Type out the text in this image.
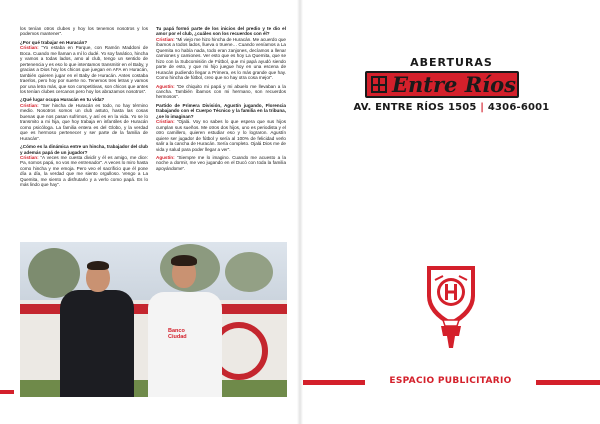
los tenían otros clubes y hoy los tenemos nosotros y los podemos mantener”.

¿Por qué trabajar en Huracán?
Cristian: “Yo estaba en Parque, con Ramón Maddoni de Boca. Cuando me llaman a mí lo dudé. Yo soy fanático, hincha y vamos a todas lados, amo al club, tengo un sentido de pertenencia y es eso lo que intentamos transmitir en el Baby, y gracias a Dios hoy los chicos que juegan en AFA en Huracán, también quieren jugar en el Baby de Huracán. Antes costaba traerlos, pero hoy por suerte no. Tenemos tres letras y vamos por una letra más, que son competitivas, son chicos que antes los tenían clubes cercanos pero hoy los abrazamos nosotros”.

¿Qué lugar ocupa Huracán en tu vida?
Cristian: “Ser hincha de Huracán es todo, no hay término medio. Nosotros somos un club astuto, hasta las cosas buenas que nos pasan sufrimos, y así es en la vida. Yo se lo transmito a mi hija, que hoy trabaja en infantiles de Huracán como psicóloga. La familia entera es del Globo, y la verdad que es hermoso pertenecer y ser parte de la familia de Huracán”.

¿Cómo es la dinámica entre un hincha, trabajador del club y además papá de un jugador?
Cristian: “A veces me cuesta dividir y él es amigo, me dice: Pa, somos papá, no vos me entrenador”. A veces lo miro hasta como hincha y me emoja. Pero veo el sacrificio que él pone día a día, la verdad que me siento orgulloso. Vengo a La Quemita, me siento a disfrutarlo y a verlo como papá. Es lo más lindo que hay”.

Tu papá formó parte de los inicios del predio y te dio el amor por el club, ¿cuáles son los recuerdos con él?
Cristian: “Mi viejo me hizo hincha de Huracán. Me acuerdo que íbamos a todos lados, llueva o truene… Cuando veníamos a La Quemita no había nada, todo eran zanjones, decíamos a llenar camiones y camiones. Ver esto que es hoy La Quemita, que se hizo con la Subcomisión de Fútbol, que mi papá ayudó siendo parte de esto, y que mi hijo juegue hoy en una escena de Huracán pudiendo llegar a Primera, es lo más grande que hay. Como hincha de fútbol, creo que no hay otra cosa mejor”.

Agustín: “De chiquito mi papá y mi abuelo me llevaban a la cancha. También íbamos con mi hermano, son recuerdos hermosos”.

Partido de Primera División, Agustín jugando, Florencia trabajando con el Cuerpo Técnico y la familia en la tribuna, ¿se lo imaginan?
Cristian: “Ojalá. Voy no sabes lo que espera que sus hijos cumplan sus sueños. Me otros dos hijos, uno es periodista y el otro camillero, quieren estudiar eso y lo lograron. Agustín quiere ser jugador de fútbol y sería al 100% de felicidad verlo salir a la cancha de Huracán. Sería completo. Ojalá Dios me de vida y salud para poder llegar a ver”.

Agustín: “Siempre me lo imagino. Cuando me acuesto a la noche a dormir, me veo jugando en el Ducó con toda la familia apoyándome”.

Banco
Ciudad
ABERTURAS
Entre Ríos
AV. ENTRE RÍOS 1505 | 4306-6001
ESPACIO PUBLICITARIO
